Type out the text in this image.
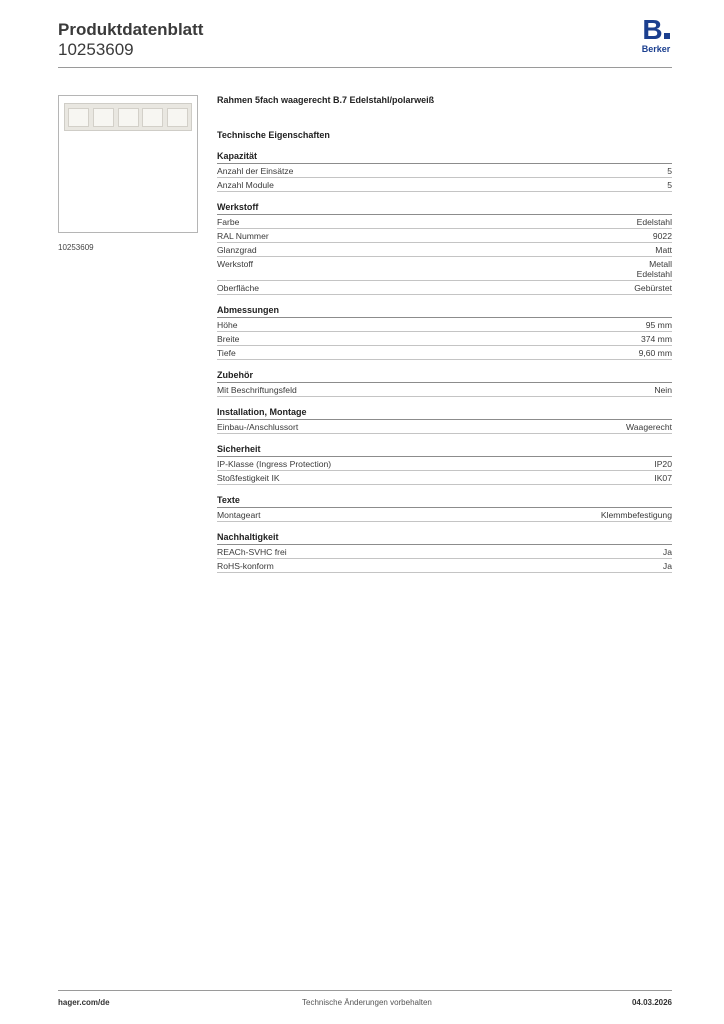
Produktdatenblatt
10253609
B
Berker
10253609
Rahmen 5fach waagerecht B.7 Edelstahl/polarweiß
Technische Eigenschaften
Kapazität
Anzahl der Einsätze	5
Anzahl Module	5
Werkstoff
Farbe	Edelstahl
RAL Nummer	9022
Glanzgrad	Matt
Werkstoff	Metall
Edelstahl
Oberfläche	Gebürstet
Abmessungen
Höhe	95 mm
Breite	374 mm
Tiefe	9,60 mm
Zubehör
Mit Beschriftungsfeld	Nein
Installation, Montage
Einbau-/Anschlussort	Waagerecht
Sicherheit
IP-Klasse (Ingress Protection)	IP20
Stoßfestigkeit IK	IK07
Texte
Montageart	Klemmbefestigung
Nachhaltigkeit
REACh-SVHC frei	Ja
RoHS-konform	Ja
hager.com/de	Technische Änderungen vorbehalten	04.03.2026
